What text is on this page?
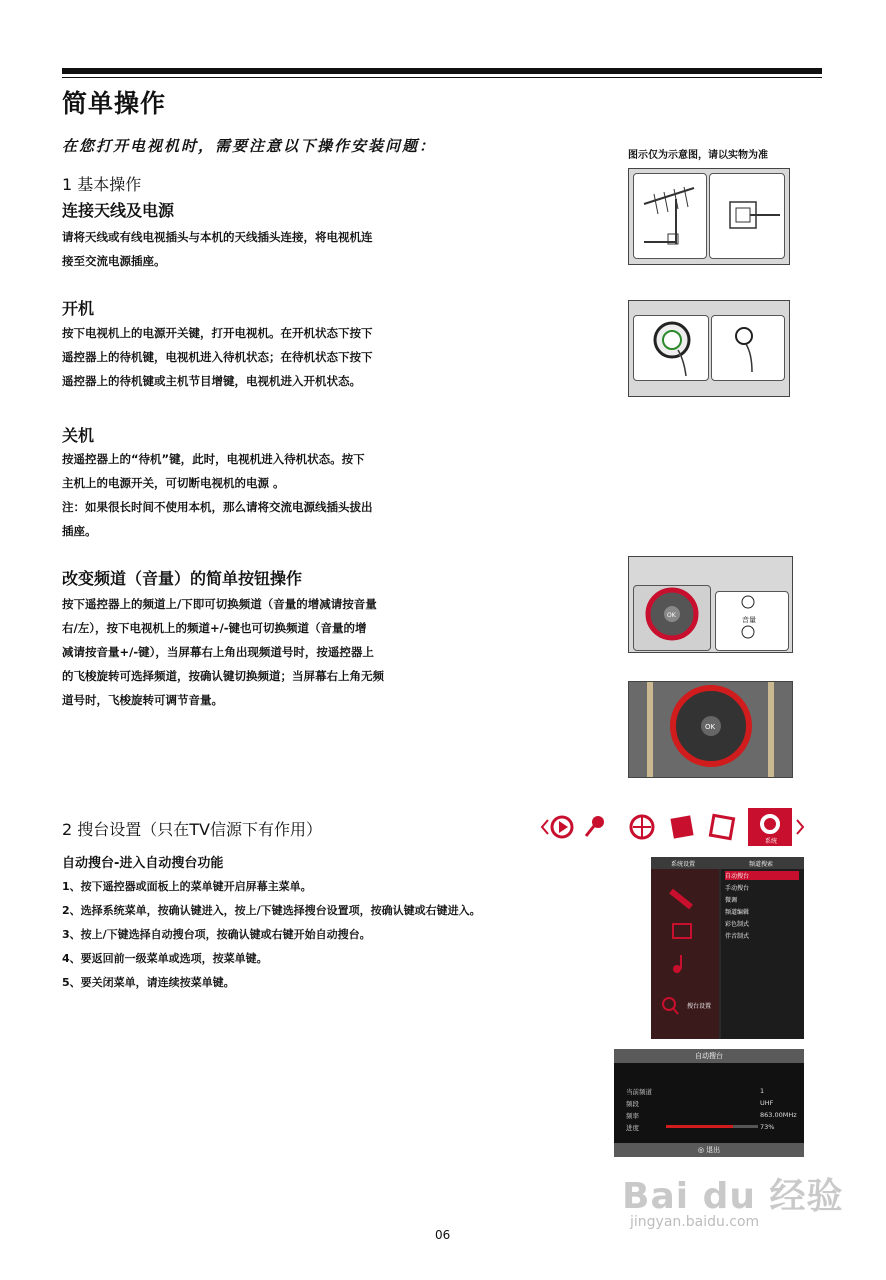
简单操作
在您打开电视机时，需要注意以下操作安装问题：
图示仅为示意图，请以实物为准
1 基本操作
连接天线及电源
请将天线或有线电视插头与本机的天线插头连接，将电视机连
接至交流电源插座。
开机
按下电视机上的电源开关键，打开电视机。在开机状态下按下
遥控器上的待机键，电视机进入待机状态；在待机状态下按下
遥控器上的待机键或主机节目增键，电视机进入开机状态。
关机
按遥控器上的“待机”键，此时，电视机进入待机状态。按下
主机上的电源开关，可切断电视机的电源 。
注：如果很长时间不使用本机，那么请将交流电源线插头拔出
插座。
改变频道（音量）的简单按钮操作
按下遥控器上的频道上/下即可切换频道（音量的增减请按音量
右/左），按下电视机上的频道+/-键也可切换频道（音量的增
减请按音量+/-键），当屏幕右上角出现频道号时，按遥控器上
的飞梭旋转可选择频道，按确认键切换频道；当屏幕右上角无频
道号时，飞梭旋转可调节音量。
OK
音量
OK
2 搜台设置（只在TV信源下有作用）
自动搜台-进入自动搜台功能
1、按下遥控器或面板上的菜单键开启屏幕主菜单。
2、选择系统菜单，按确认键进入，按上/下键选择搜台设置项，按确认键或右键进入。
3、按上/下键选择自动搜台项，按确认键或右键开始自动搜台。
4、要返回前一级菜单或选项，按菜单键。
5、要关闭菜单，请连续按菜单键。
系统
系统设置	频道搜索
搜台设置
自动搜台
手动搜台
微调
频道编辑
彩色制式
伴音制式
自动搜台
当前频道	1
频段	UHF
频率	863.00MHz
进度	73%
◎ 退出
Bai du 经验
jingyan.baidu.com
06
